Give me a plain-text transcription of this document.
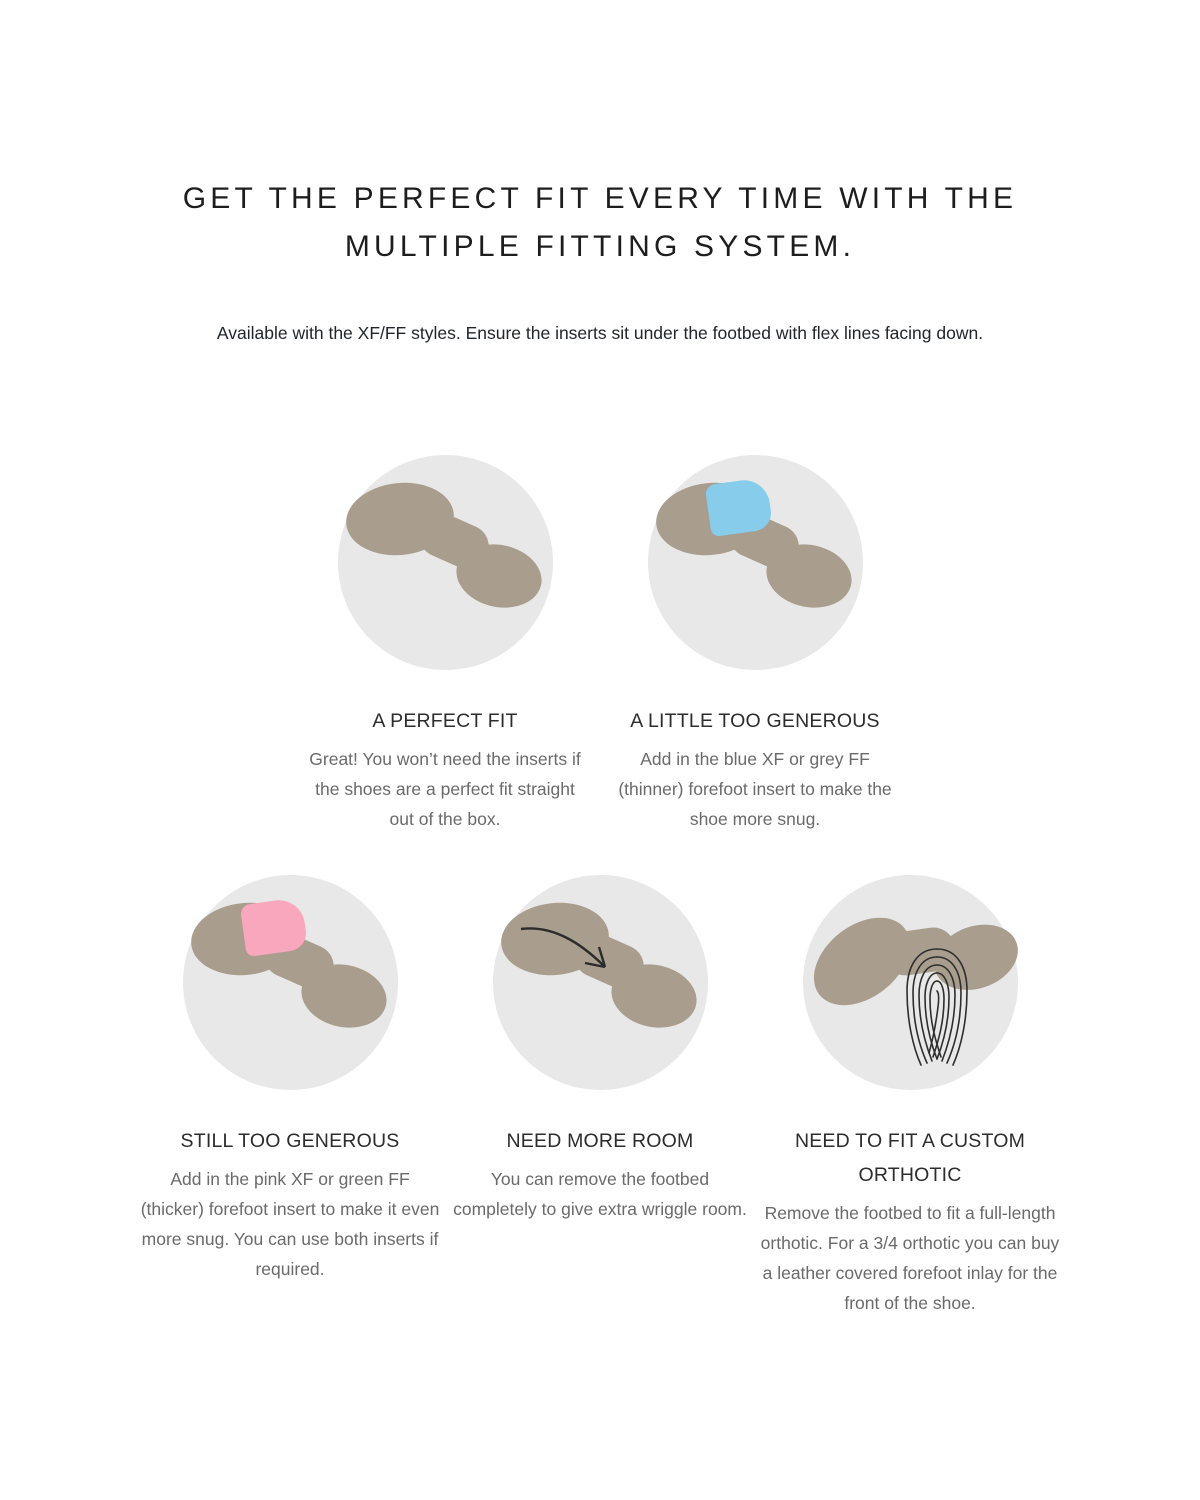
GET THE PERFECT FIT EVERY TIME WITH THE MULTIPLE FITTING SYSTEM.
Available with the XF/FF styles. Ensure the inserts sit under the footbed with flex lines facing down.
A PERFECT FIT
Great! You won’t need the inserts if the shoes are a perfect fit straight out of the box.
A LITTLE TOO GENEROUS
Add in the blue XF or grey FF (thinner) forefoot insert to make the shoe more snug.
STILL TOO GENEROUS
Add in the pink XF or green FF (thicker) forefoot insert to make it even more snug. You can use both inserts if required.
NEED MORE ROOM
You can remove the footbed completely to give extra wriggle room.
NEED TO FIT A CUSTOM ORTHOTIC
Remove the footbed to fit a full-length orthotic. For a 3/4 orthotic you can buy a leather covered forefoot inlay for the front of the shoe.
